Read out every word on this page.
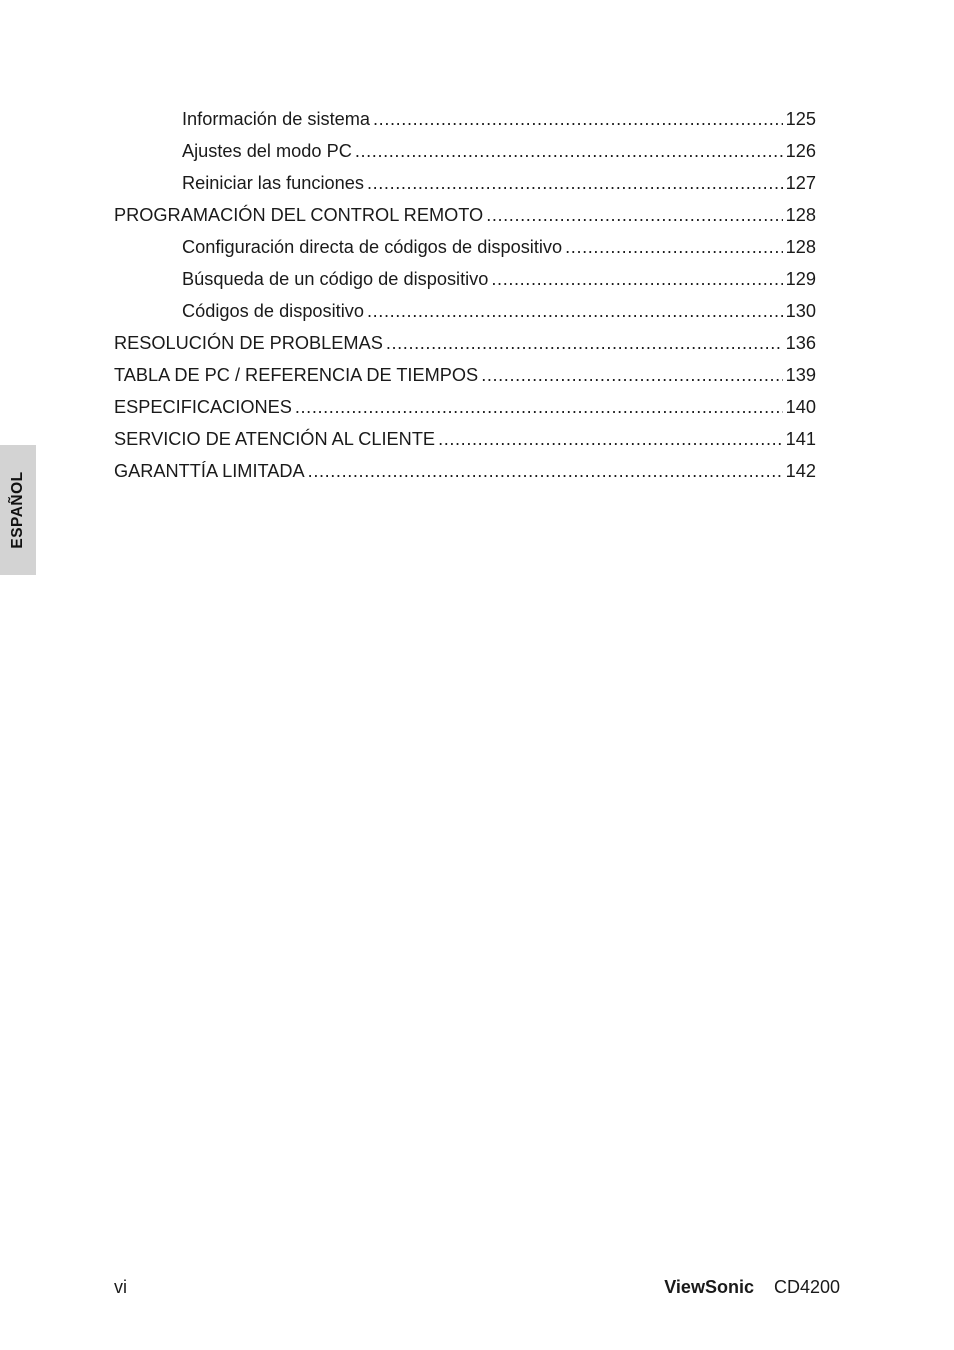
ESPAÑOL
Información de sistema .....	125
Ajustes del modo PC .....	126
Reiniciar las funciones .....	127
PROGRAMACIÓN DEL CONTROL REMOTO .....	128
Configuración directa de códigos de dispositivo .....	128
Búsqueda de un código de dispositivo .....	129
Códigos de dispositivo .....	130
RESOLUCIÓN DE PROBLEMAS .....	136
TABLA DE PC / REFERENCIA DE TIEMPOS .....	139
ESPECIFICACIONES .....	140
SERVICIO DE ATENCIÓN AL CLIENTE .....	141
GARANTTÍA LIMITADA .....	142
vi	ViewSonic CD4200
